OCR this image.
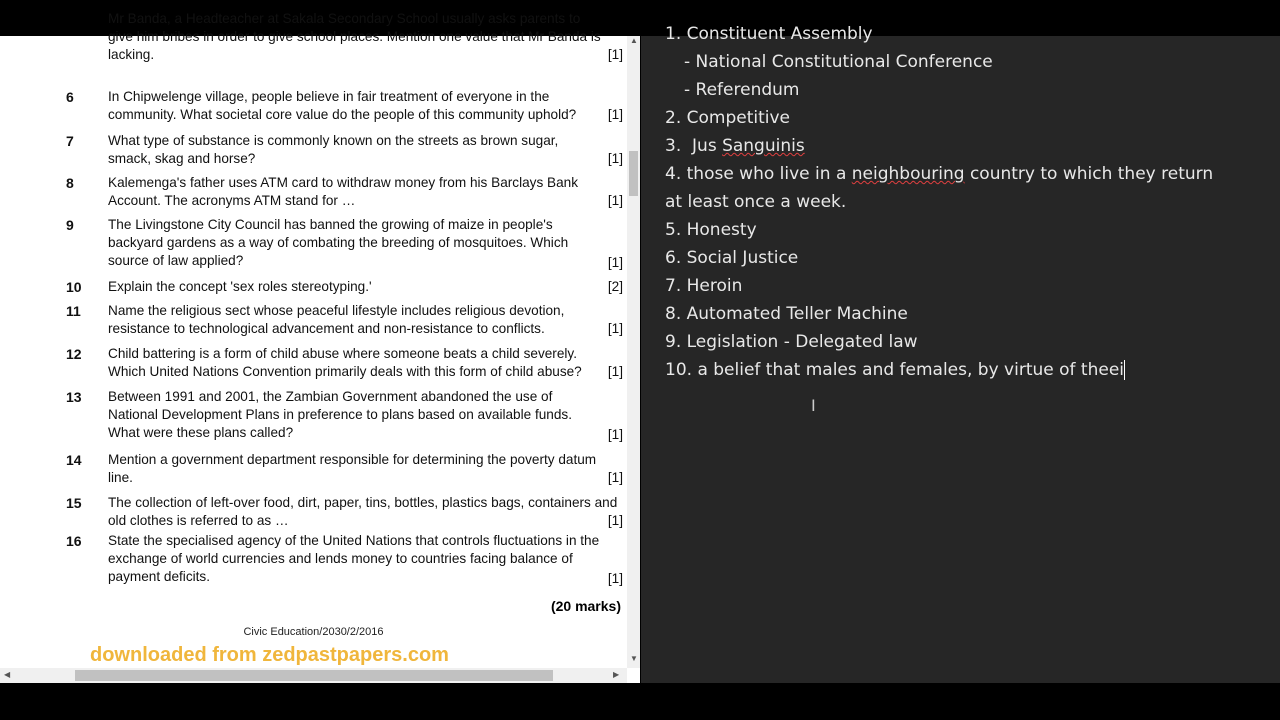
Mr Banda, a Headteacher at Sakala Secondary School usually asks parents to give him bribes in order to give school places. Mention one value that Mr Banda is lacking.	[1]
6	In Chipwelenge village, people believe in fair treatment of everyone in the community. What societal core value do the people of this community uphold?	[1]
7	What type of substance is commonly known on the streets as brown sugar, smack, skag and horse?	[1]
8	Kalemenga's father uses ATM card to withdraw money from his Barclays Bank Account. The acronyms ATM stand for …	[1]
9	The Livingstone City Council has banned the growing of maize in people's backyard gardens as a way of combating the breeding of mosquitoes. Which source of law applied?	[1]
10 Explain the concept 'sex roles stereotyping.'	[2]
11 Name the religious sect whose peaceful lifestyle includes religious devotion, resistance to technological advancement and non-resistance to conflicts.	[1]
12 Child battering is a form of child abuse where someone beats a child severely. Which United Nations Convention primarily deals with this form of child abuse?	[1]
13 Between 1991 and 2001, the Zambian Government abandoned the use of National Development Plans in preference to plans based on available funds. What were these plans called?	[1]
14 Mention a government department responsible for determining the poverty datum line.	[1]
15 The collection of left-over food, dirt, paper, tins, bottles, plastics bags, containers and old clothes is referred to as …	[1]
16 State the specialised agency of the United Nations that controls fluctuations in the exchange of world currencies and lends money to countries facing balance of payment deficits.	[1]
(20 marks)
Civic Education/2030/2/2016
downloaded from zedpastpapers.com
▲
▼
◀	▶
1. Constituent Assembly
- National Constitutional Conference
- Referendum
2. Competitive
3.  Jus Sanguinis
4. those who live in a neighbouring country to which they return
at least once a week.
5. Honesty
6. Social Justice
7. Heroin
8. Automated Teller Machine
9. Legislation - Delegated law
10. a belief that males and females, by virtue of theei
I
